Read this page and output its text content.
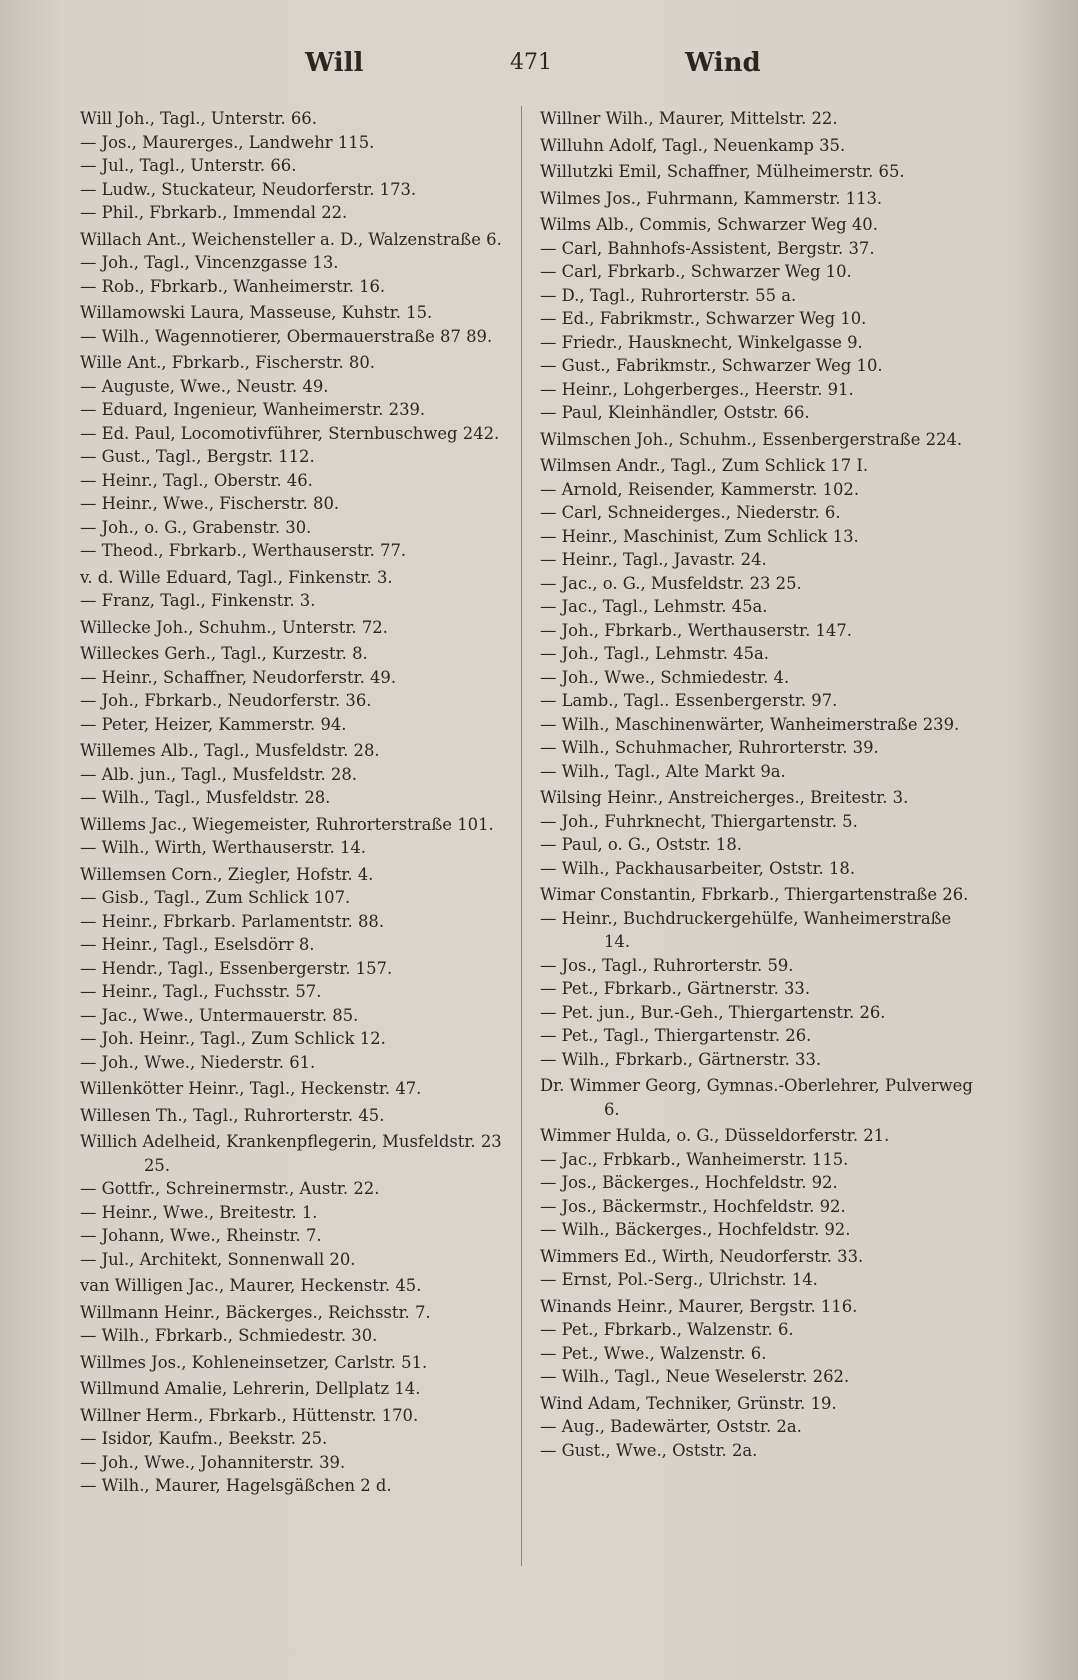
Will	471	Wind

Will Joh., Tagl., Unterstr. 66.

— Jos., Maurerges., Landwehr 115.

— Jul., Tagl., Unterstr. 66.

— Ludw., Stuckateur, Neudorferstr. 173.

— Phil., Fbrkarb., Immendal 22.

Willach Ant., Weichensteller a. D., Walzenstraße 6.

— Joh., Tagl., Vincenzgasse 13.

— Rob., Fbrkarb., Wanheimerstr. 16.

Willamowski Laura, Masseuse, Kuhstr. 15.

— Wilh., Wagennotierer, Obermauerstraße 87 89.

Wille Ant., Fbrkarb., Fischerstr. 80.

— Auguste, Wwe., Neustr. 49.

— Eduard, Ingenieur, Wanheimerstr. 239.

— Ed. Paul, Locomotivführer, Sternbuschweg 242.

— Gust., Tagl., Bergstr. 112.

— Heinr., Tagl., Oberstr. 46.

— Heinr., Wwe., Fischerstr. 80.

— Joh., o. G., Grabenstr. 30.

— Theod., Fbrkarb., Werthauserstr. 77.

v. d. Wille Eduard, Tagl., Finkenstr. 3.

— Franz, Tagl., Finkenstr. 3.

Willecke Joh., Schuhm., Unterstr. 72.

Willeckes Gerh., Tagl., Kurzestr. 8.

— Heinr., Schaffner, Neudorferstr. 49.

— Joh., Fbrkarb., Neudorferstr. 36.

— Peter, Heizer, Kammerstr. 94.

Willemes Alb., Tagl., Musfeldstr. 28.

— Alb. jun., Tagl., Musfeldstr. 28.

— Wilh., Tagl., Musfeldstr. 28.

Willems Jac., Wiegemeister, Ruhrorterstraße 101.

— Wilh., Wirth, Werthauserstr. 14.

Willemsen Corn., Ziegler, Hofstr. 4.

— Gisb., Tagl., Zum Schlick 107.

— Heinr., Fbrkarb. Parlamentstr. 88.

— Heinr., Tagl., Eselsdörr 8.

— Hendr., Tagl., Essenbergerstr. 157.

— Heinr., Tagl., Fuchsstr. 57.

— Jac., Wwe., Untermauerstr. 85.

— Joh. Heinr., Tagl., Zum Schlick 12.

— Joh., Wwe., Niederstr. 61.

Willenkötter Heinr., Tagl., Heckenstr. 47.

Willesen Th., Tagl., Ruhrorterstr. 45.

Willich Adelheid, Krankenpflegerin, Musfeldstr. 23 25.

— Gottfr., Schreinermstr., Austr. 22.

— Heinr., Wwe., Breitestr. 1.

— Johann, Wwe., Rheinstr. 7.

— Jul., Architekt, Sonnenwall 20.

van Willigen Jac., Maurer, Heckenstr. 45.

Willmann Heinr., Bäckerges., Reichsstr. 7.

— Wilh., Fbrkarb., Schmiedestr. 30.

Willmes Jos., Kohleneinsetzer, Carlstr. 51.

Willmund Amalie, Lehrerin, Dellplatz 14.

Willner Herm., Fbrkarb., Hüttenstr. 170.

— Isidor, Kaufm., Beekstr. 25.

— Joh., Wwe., Johanniterstr. 39.

— Wilh., Maurer, Hagelsgäßchen 2 d.

Willner Wilh., Maurer, Mittelstr. 22.

Willuhn Adolf, Tagl., Neuenkamp 35.

Willutzki Emil, Schaffner, Mülheimerstr. 65.

Wilmes Jos., Fuhrmann, Kammerstr. 113.

Wilms Alb., Commis, Schwarzer Weg 40.

— Carl, Bahnhofs-Assistent, Bergstr. 37.

— Carl, Fbrkarb., Schwarzer Weg 10.

— D., Tagl., Ruhrorterstr. 55 a.

— Ed., Fabrikmstr., Schwarzer Weg 10.

— Friedr., Hausknecht, Winkelgasse 9.

— Gust., Fabrikmstr., Schwarzer Weg 10.

— Heinr., Lohgerberges., Heerstr. 91.

— Paul, Kleinhändler, Oststr. 66.

Wilmschen Joh., Schuhm., Essenbergerstraße 224.

Wilmsen Andr., Tagl., Zum Schlick 17 I.

— Arnold, Reisender, Kammerstr. 102.

— Carl, Schneiderges., Niederstr. 6.

— Heinr., Maschinist, Zum Schlick 13.

— Heinr., Tagl., Javastr. 24.

— Jac., o. G., Musfeldstr. 23 25.

— Jac., Tagl., Lehmstr. 45a.

— Joh., Fbrkarb., Werthauserstr. 147.

— Joh., Tagl., Lehmstr. 45a.

— Joh., Wwe., Schmiedestr. 4.

— Lamb., Tagl.. Essenbergerstr. 97.

— Wilh., Maschinenwärter, Wanheimerstraße 239.

— Wilh., Schuhmacher, Ruhrorterstr. 39.

— Wilh., Tagl., Alte Markt 9a.

Wilsing Heinr., Anstreicherges., Breitestr. 3.

— Joh., Fuhrknecht, Thiergartenstr. 5.

— Paul, o. G., Oststr. 18.

— Wilh., Packhausarbeiter, Oststr. 18.

Wimar Constantin, Fbrkarb., Thiergartenstraße 26.

— Heinr., Buchdruckergehülfe, Wanheimerstraße 14.

— Jos., Tagl., Ruhrorterstr. 59.

— Pet., Fbrkarb., Gärtnerstr. 33.

— Pet. jun., Bur.-Geh., Thiergartenstr. 26.

— Pet., Tagl., Thiergartenstr. 26.

— Wilh., Fbrkarb., Gärtnerstr. 33.

Dr. Wimmer Georg, Gymnas.-Oberlehrer, Pulverweg 6.

Wimmer Hulda, o. G., Düsseldorferstr. 21.

— Jac., Frbkarb., Wanheimerstr. 115.

— Jos., Bäckerges., Hochfeldstr. 92.

— Jos., Bäckermstr., Hochfeldstr. 92.

— Wilh., Bäckerges., Hochfeldstr. 92.

Wimmers Ed., Wirth, Neudorferstr. 33.

— Ernst, Pol.-Serg., Ulrichstr. 14.

Winands Heinr., Maurer, Bergstr. 116.

— Pet., Fbrkarb., Walzenstr. 6.

— Pet., Wwe., Walzenstr. 6.

— Wilh., Tagl., Neue Weselerstr. 262.

Wind Adam, Techniker, Grünstr. 19.

— Aug., Badewärter, Oststr. 2a.

— Gust., Wwe., Oststr. 2a.
